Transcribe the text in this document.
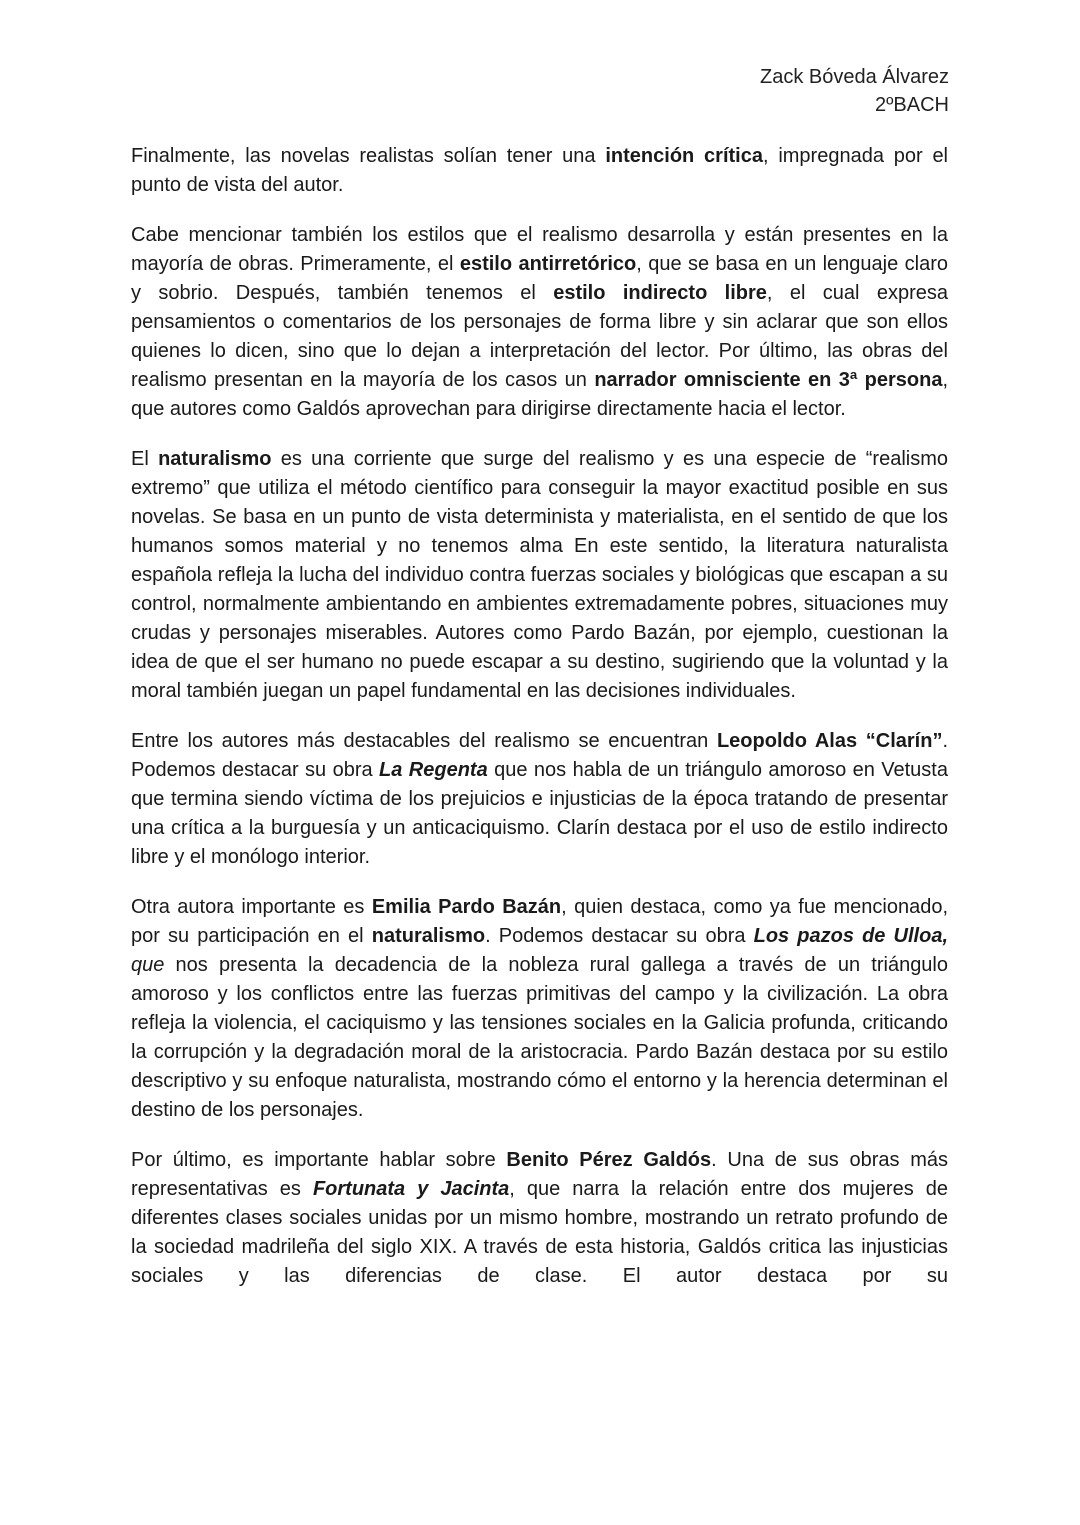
Zack Bóveda Álvarez
2ºBACH

Finalmente, las novelas realistas solían tener una intención crítica, impregnada por el punto de vista del autor.

Cabe mencionar también los estilos que el realismo desarrolla y están presentes en la mayoría de obras. Primeramente, el estilo antirretórico, que se basa en un lenguaje claro y sobrio. Después, también tenemos el estilo indirecto libre, el cual expresa pensamientos o comentarios de los personajes de forma libre y sin aclarar que son ellos quienes lo dicen, sino que lo dejan a interpretación del lector. Por último, las obras del realismo presentan en la mayoría de los casos un narrador omnisciente en 3ª persona, que autores como Galdós aprovechan para dirigirse directamente hacia el lector.

El naturalismo es una corriente que surge del realismo y es una especie de “realismo extremo” que utiliza el método científico para conseguir la mayor exactitud posible en sus novelas. Se basa en un punto de vista determinista y materialista, en el sentido de que los humanos somos material y no tenemos alma En este sentido, la literatura naturalista española refleja la lucha del individuo contra fuerzas sociales y biológicas que escapan a su control, normalmente ambientando en ambientes extremadamente pobres, situaciones muy crudas y personajes miserables. Autores como Pardo Bazán, por ejemplo, cuestionan la idea de que el ser humano no puede escapar a su destino, sugiriendo que la voluntad y la moral también juegan un papel fundamental en las decisiones individuales.

Entre los autores más destacables del realismo se encuentran Leopoldo Alas “Clarín”. Podemos destacar su obra La Regenta que nos habla de un triángulo amoroso en Vetusta que termina siendo víctima de los prejuicios e injusticias de la época tratando de presentar una crítica a la burguesía y un anticaciquismo. Clarín destaca por el uso de estilo indirecto libre y el monólogo interior.

Otra autora importante es Emilia Pardo Bazán, quien destaca, como ya fue mencionado, por su participación en el naturalismo. Podemos destacar su obra Los pazos de Ulloa, que nos presenta la decadencia de la nobleza rural gallega a través de un triángulo amoroso y los conflictos entre las fuerzas primitivas del campo y la civilización. La obra refleja la violencia, el caciquismo y las tensiones sociales en la Galicia profunda, criticando la corrupción y la degradación moral de la aristocracia. Pardo Bazán destaca por su estilo descriptivo y su enfoque naturalista, mostrando cómo el entorno y la herencia determinan el destino de los personajes.

Por último, es importante hablar sobre Benito Pérez Galdós. Una de sus obras más representativas es Fortunata y Jacinta, que narra la relación entre dos mujeres de diferentes clases sociales unidas por un mismo hombre, mostrando un retrato profundo de la sociedad madrileña del siglo XIX. A través de esta historia, Galdós critica las injusticias sociales y las diferencias de clase. El autor destaca por su
